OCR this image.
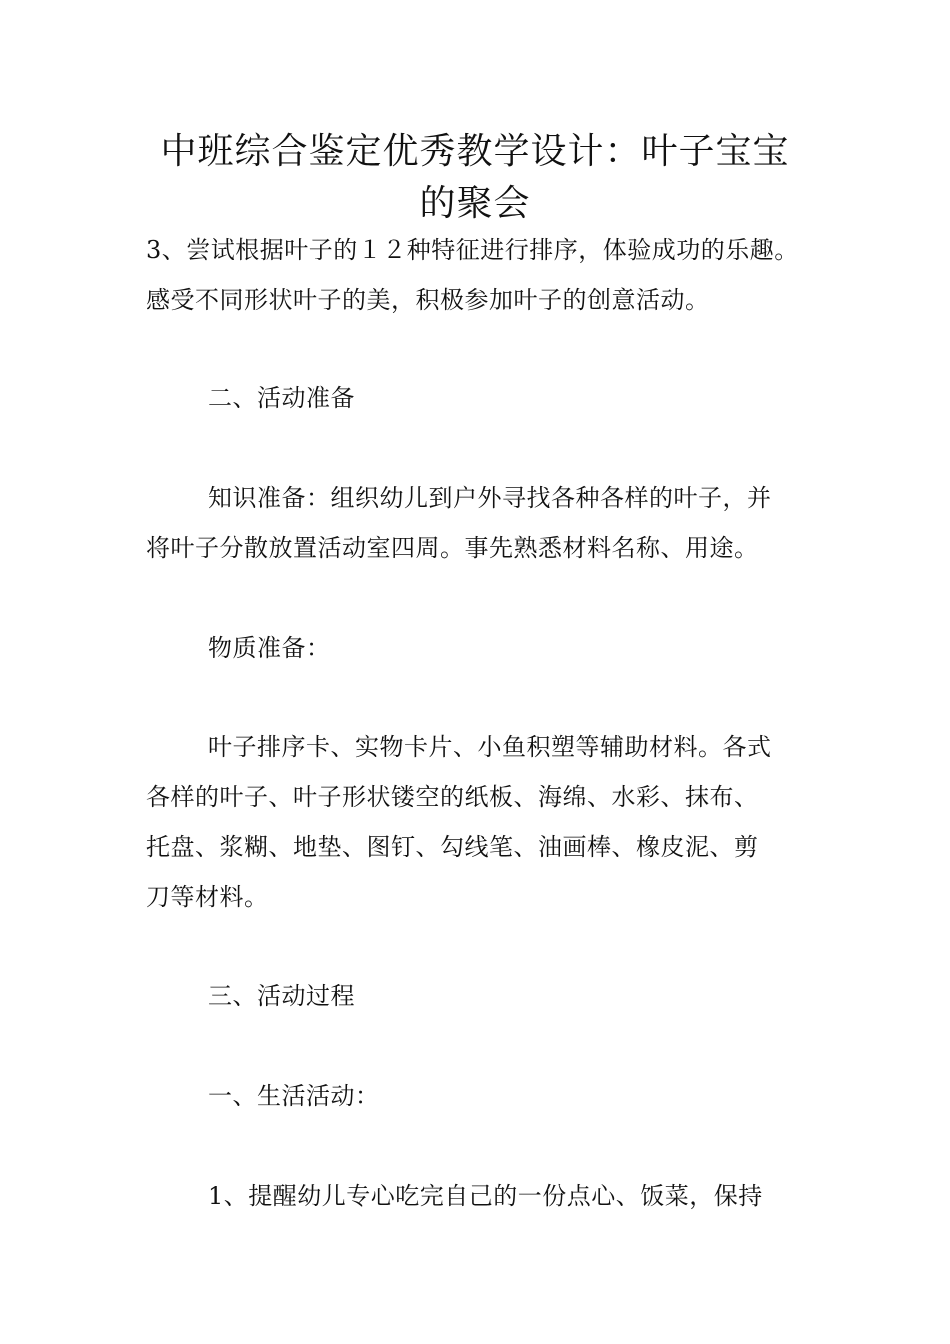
中班综合鉴定优秀教学设计：叶子宝宝
的聚会
3、尝试根据叶子的１２种特征进行排序，体验成功的乐趣。
感受不同形状叶子的美，积极参加叶子的创意活动。
二、活动准备
知识准备：组织幼儿到户外寻找各种各样的叶子，并
将叶子分散放置活动室四周。事先熟悉材料名称、用途。
物质准备：
叶子排序卡、实物卡片、小鱼积塑等辅助材料。各式
各样的叶子、叶子形状镂空的纸板、海绵、水彩、抹布、
托盘、浆糊、地垫、图钉、勾线笔、油画棒、橡皮泥、剪
刀等材料。
三、活动过程
一、生活活动：
1、提醒幼儿专心吃完自己的一份点心、饭菜，保持
